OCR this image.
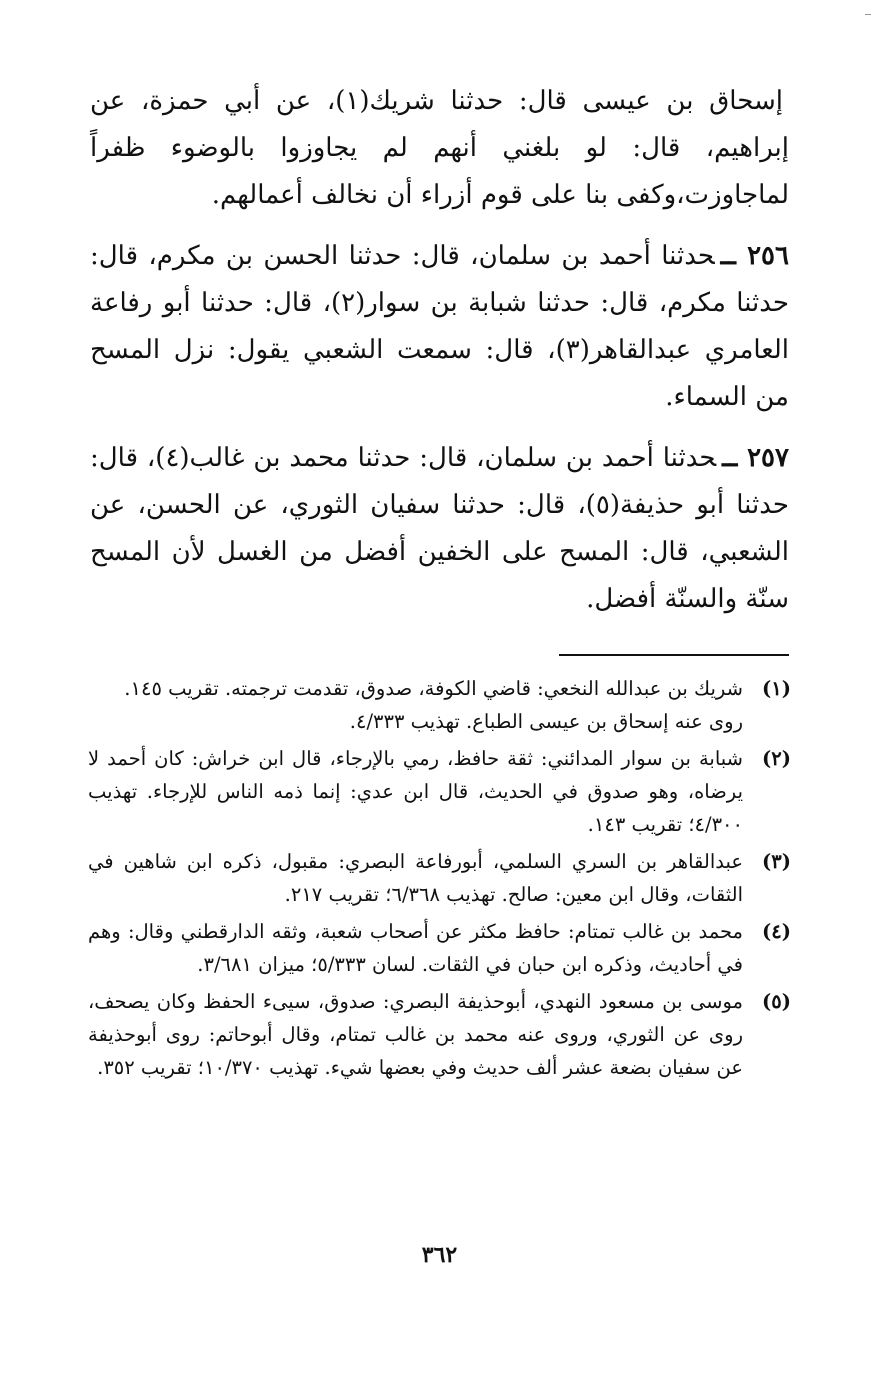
إسحاق بن عيسى قال: حدثنا شريك(١)، عن أبي حمزة، عن إبراهيم، قال: لو بلغني أنهم لم يجاوزوا بالوضوء ظفراً لماجاوزت،وكفى بنا على قوم أزراء أن نخالف أعمالهم.

٢٥٦ ــحدثنا أحمد بن سلمان، قال: حدثنا الحسن بن مكرم، قال: حدثنا مكرم، قال: حدثنا شبابة بن سوار(٢)، قال: حدثنا أبو رفاعة العامري عبدالقاهر(٣)، قال: سمعت الشعبي يقول: نزل المسح من السماء.

٢٥٧ ــحدثنا أحمد بن سلمان، قال: حدثنا محمد بن غالب(٤)، قال: حدثنا أبو حذيفة(٥)، قال: حدثنا سفيان الثوري، عن الحسن، عن الشعبي، قال: المسح على الخفين أفضل من الغسل لأن المسح سنّة والسنّة أفضل.

(١)
شريك بن عبدالله النخعي: قاضي الكوفة، صدوق، تقدمت ترجمته. تقريب ١٤٥.
روى عنه إسحاق بن عيسى الطباع. تهذيب ٤/٣٣٣.
(٢)
شبابة بن سوار المدائني: ثقة حافظ، رمي بالإرجاء، قال ابن خراش: كان أحمد لا يرضاه، وهو صدوق في الحديث، قال ابن عدي: إنما ذمه الناس للإرجاء. تهذيب ٤/٣٠٠؛ تقريب ١٤٣.
(٣)
عبدالقاهر بن السري السلمي، أبورفاعة البصري: مقبول، ذكره ابن شاهين في الثقات، وقال ابن معين: صالح. تهذيب ٦/٣٦٨؛ تقريب ٢١٧.
(٤)
محمد بن غالب تمتام: حافظ مكثر عن أصحاب شعبة، وثقه الدارقطني وقال: وهم في أحاديث، وذكره ابن حبان في الثقات. لسان ٥/٣٣٣؛ ميزان ٣/٦٨١.
(٥)
موسى بن مسعود النهدي، أبوحذيفة البصري: صدوق، سيىء الحفظ وكان يصحف، روى عن الثوري، وروى عنه محمد بن غالب تمتام، وقال أبوحاتم: روى أبوحذيفة عن سفيان بضعة عشر ألف حديث وفي بعضها شيء. تهذيب ١٠/٣٧٠؛ تقريب ٣٥٢.
٣٦٢
